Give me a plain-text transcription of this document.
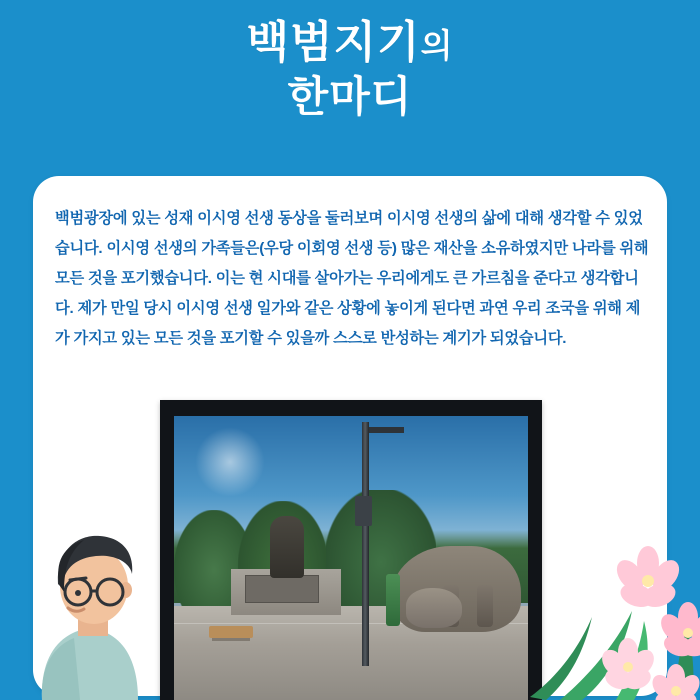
백범지기의
한마디

백범광장에 있는 성재 이시영 선생 동상을 둘러보며 이시영 선생의 삶에 대해 생각할 수 있었습니다. 이시영 선생의 가족들은(우당 이회영 선생 등) 많은 재산을 소유하였지만 나라를 위해 모든 것을 포기했습니다. 이는 현 시대를 살아가는 우리에게도 큰 가르침을 준다고 생각합니다. 제가 만일 당시 이시영 선생 일가와 같은 상황에 놓이게 된다면 과연 우리 조국을 위해 제가 가지고 있는 모든 것을 포기할 수 있을까 스스로 반성하는 계기가 되었습니다.
